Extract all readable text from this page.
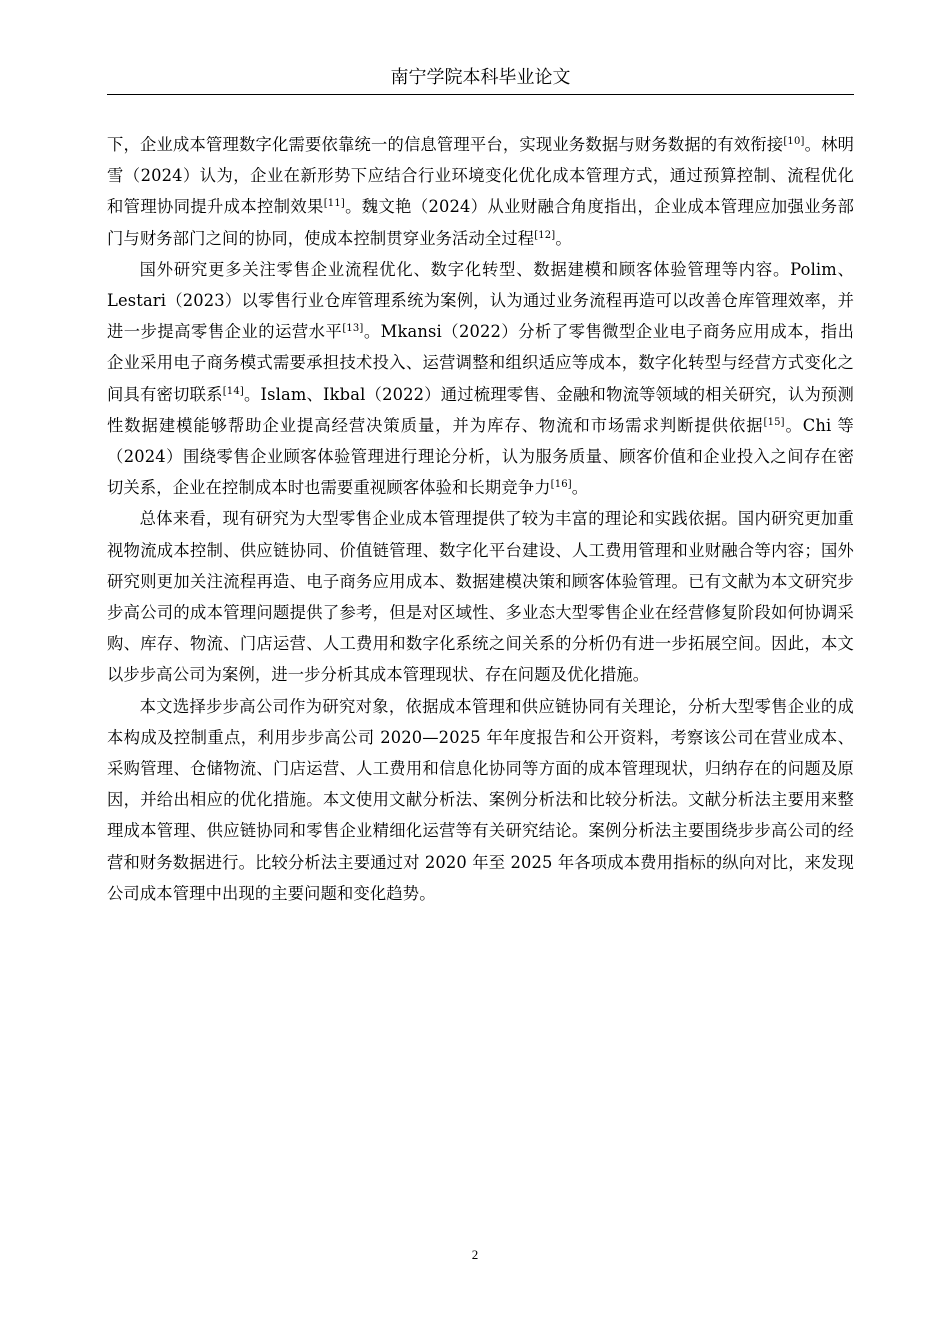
南宁学院本科毕业论文

下，企业成本管理数字化需要依靠统一的信息管理平台，实现业务数据与财务数据的有效衔接[10]。林明雪（2024）认为，企业在新形势下应结合行业环境变化优化成本管理方式，通过预算控制、流程优化和管理协同提升成本控制效果[11]。魏文艳（2024）从业财融合角度指出，企业成本管理应加强业务部门与财务部门之间的协同，使成本控制贯穿业务活动全过程[12]。

国外研究更多关注零售企业流程优化、数字化转型、数据建模和顾客体验管理等内容。Polim、Lestari（2023）以零售行业仓库管理系统为案例，认为通过业务流程再造可以改善仓库管理效率，并进一步提高零售企业的运营水平[13]。Mkansi（2022）分析了零售微型企业电子商务应用成本，指出企业采用电子商务模式需要承担技术投入、运营调整和组织适应等成本，数字化转型与经营方式变化之间具有密切联系[14]。Islam、Ikbal（2022）通过梳理零售、金融和物流等领域的相关研究，认为预测性数据建模能够帮助企业提高经营决策质量，并为库存、物流和市场需求判断提供依据[15]。Chi 等（2024）围绕零售企业顾客体验管理进行理论分析，认为服务质量、顾客价值和企业投入之间存在密切关系，企业在控制成本时也需要重视顾客体验和长期竞争力[16]。

总体来看，现有研究为大型零售企业成本管理提供了较为丰富的理论和实践依据。国内研究更加重视物流成本控制、供应链协同、价值链管理、数字化平台建设、人工费用管理和业财融合等内容；国外研究则更加关注流程再造、电子商务应用成本、数据建模决策和顾客体验管理。已有文献为本文研究步步高公司的成本管理问题提供了参考，但是对区域性、多业态大型零售企业在经营修复阶段如何协调采购、库存、物流、门店运营、人工费用和数字化系统之间关系的分析仍有进一步拓展空间。因此，本文以步步高公司为案例，进一步分析其成本管理现状、存在问题及优化措施。

本文选择步步高公司作为研究对象，依据成本管理和供应链协同有关理论，分析大型零售企业的成本构成及控制重点，利用步步高公司 2020—2025 年年度报告和公开资料，考察该公司在营业成本、采购管理、仓储物流、门店运营、人工费用和信息化协同等方面的成本管理现状，归纳存在的问题及原因，并给出相应的优化措施。本文使用文献分析法、案例分析法和比较分析法。文献分析法主要用来整理成本管理、供应链协同和零售企业精细化运营等有关研究结论。案例分析法主要围绕步步高公司的经营和财务数据进行。比较分析法主要通过对 2020 年至 2025 年各项成本费用指标的纵向对比，来发现公司成本管理中出现的主要问题和变化趋势。

2
